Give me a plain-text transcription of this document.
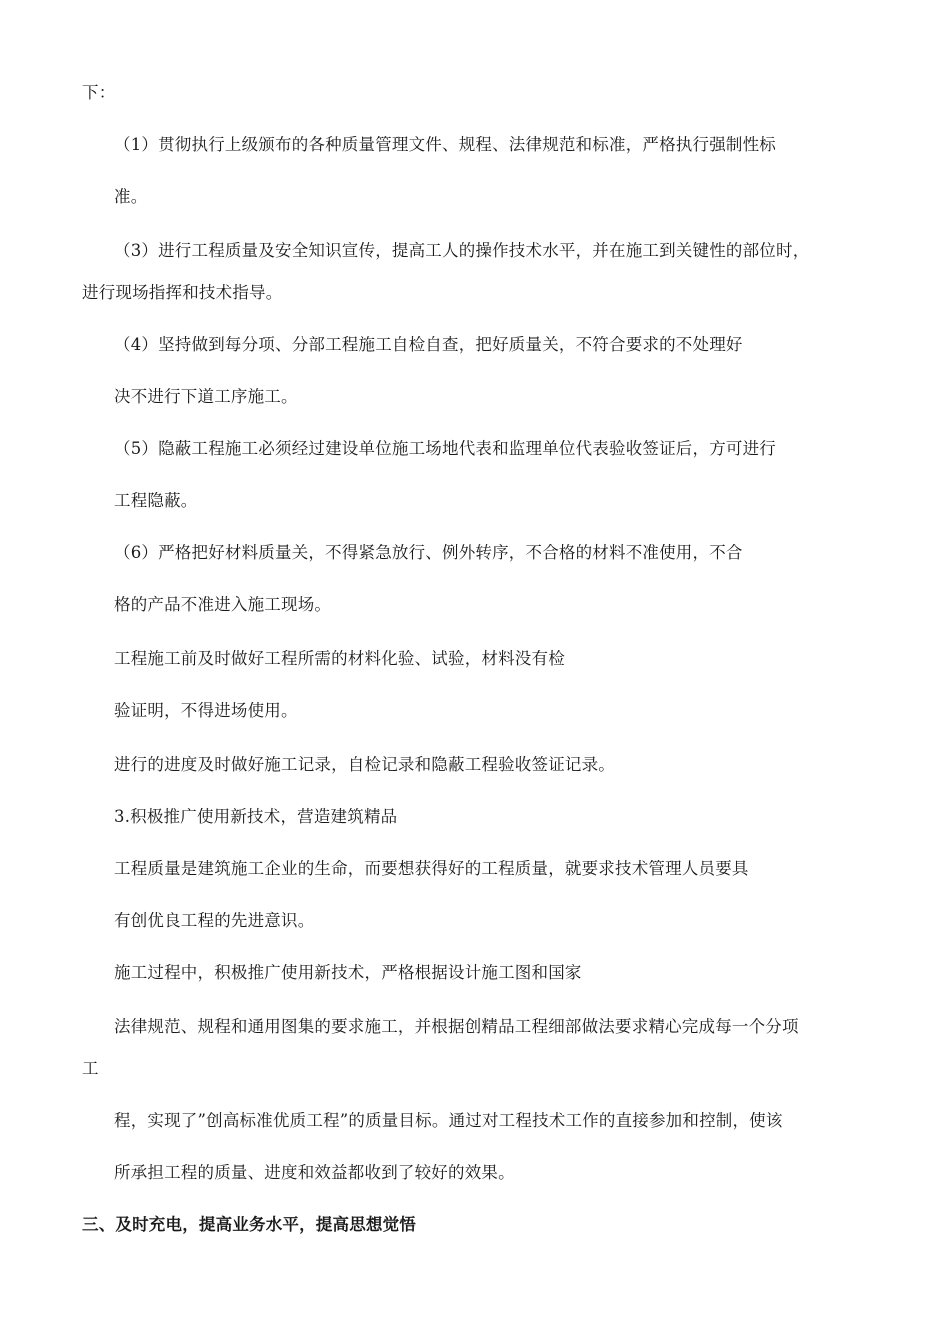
下：
（1）贯彻执行上级颁布的各种质量管理文件、规程、法律规范和标准，严格执行强制性标
准。
（3）进行工程质量及安全知识宣传，提高工人的操作技术水平，并在施工到关键性的部位时，
进行现场指挥和技术指导。
（4）坚持做到每分项、分部工程施工自检自查，把好质量关，不符合要求的不处理好
决不进行下道工序施工。
（5）隐蔽工程施工必须经过建设单位施工场地代表和监理单位代表验收签证后，方可进行
工程隐蔽。
（6）严格把好材料质量关，不得紧急放行、例外转序，不合格的材料不准使用，不合
格的产品不准进入施工现场。
工程施工前及时做好工程所需的材料化验、试验，材料没有检
验证明，不得进场使用。
进行的进度及时做好施工记录，自检记录和隐蔽工程验收签证记录。
3.积极推广使用新技术，营造建筑精品
工程质量是建筑施工企业的生命，而要想获得好的工程质量，就要求技术管理人员要具
有创优良工程的先进意识。
施工过程中，积极推广使用新技术，严格根据设计施工图和国家
法律规范、规程和通用图集的要求施工，并根据创精品工程细部做法要求精心完成每一个分项
工
程，实现了”创高标准优质工程”的质量目标。通过对工程技术工作的直接参加和控制，使该
所承担工程的质量、进度和效益都收到了较好的效果。
三、及时充电，提高业务水平，提高思想觉悟
